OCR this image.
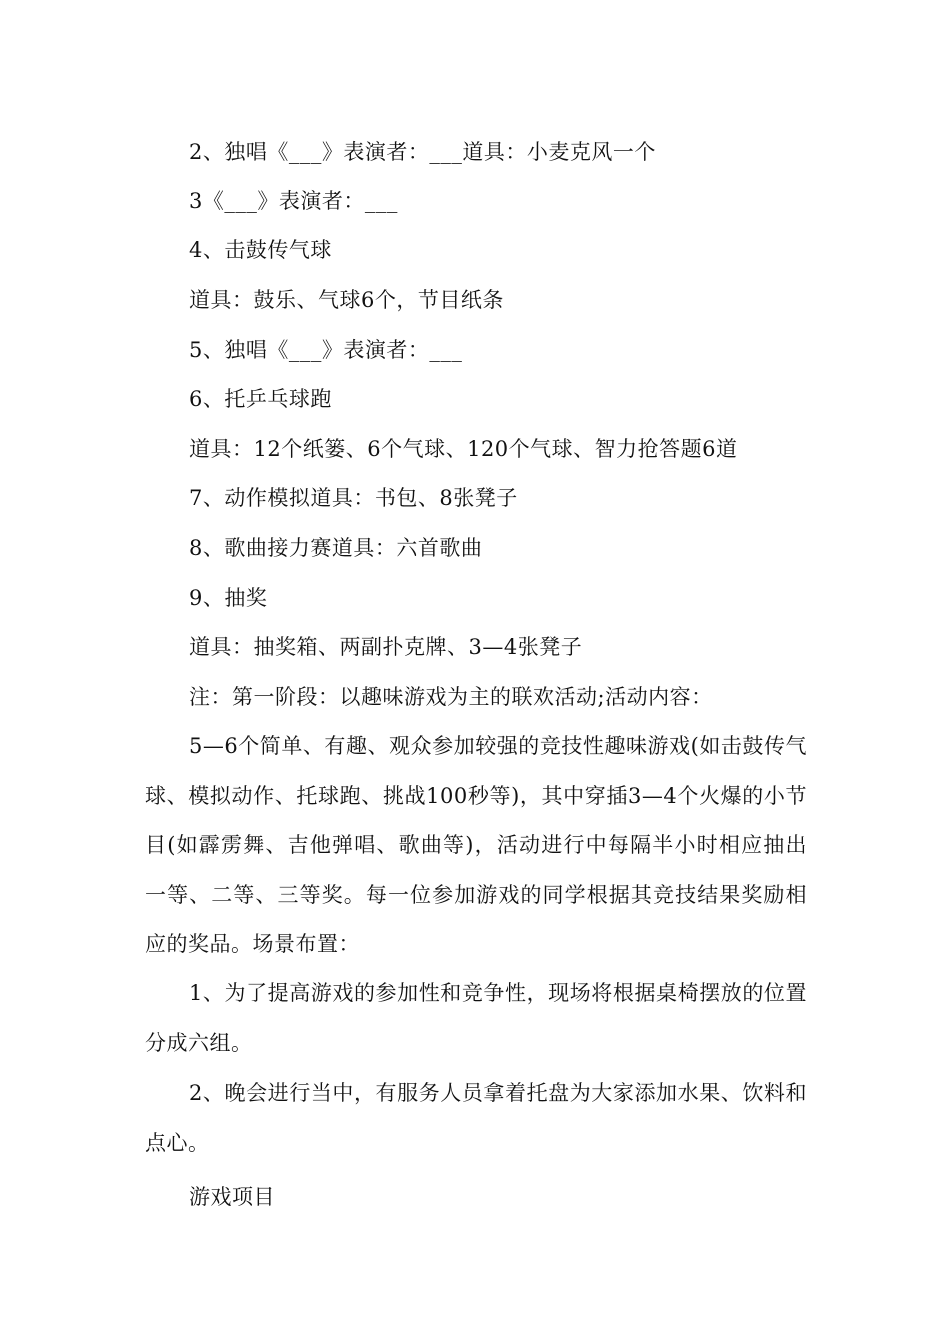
2、独唱《___》表演者：___道具：小麦克风一个
3《___》表演者：___
4、击鼓传气球
道具：鼓乐、气球6个，节目纸条
5、独唱《___》表演者：___
6、托乒乓球跑
道具：12个纸篓、6个气球、120个气球、智力抢答题6道
7、动作模拟道具：书包、8张凳子
8、歌曲接力赛道具：六首歌曲
9、抽奖
道具：抽奖箱、两副扑克牌、3—4张凳子
注：第一阶段：以趣味游戏为主的联欢活动;活动内容：
5—6个简单、有趣、观众参加较强的竞技性趣味游戏(如击鼓传气球、模拟动作、托球跑、挑战100秒等)，其中穿插3—4个火爆的小节目(如霹雳舞、吉他弹唱、歌曲等)，活动进行中每隔半小时相应抽出一等、二等、三等奖。每一位参加游戏的同学根据其竞技结果奖励相应的奖品。场景布置：
1、为了提高游戏的参加性和竞争性，现场将根据桌椅摆放的位置分成六组。
2、晚会进行当中，有服务人员拿着托盘为大家添加水果、饮料和点心。
游戏项目
